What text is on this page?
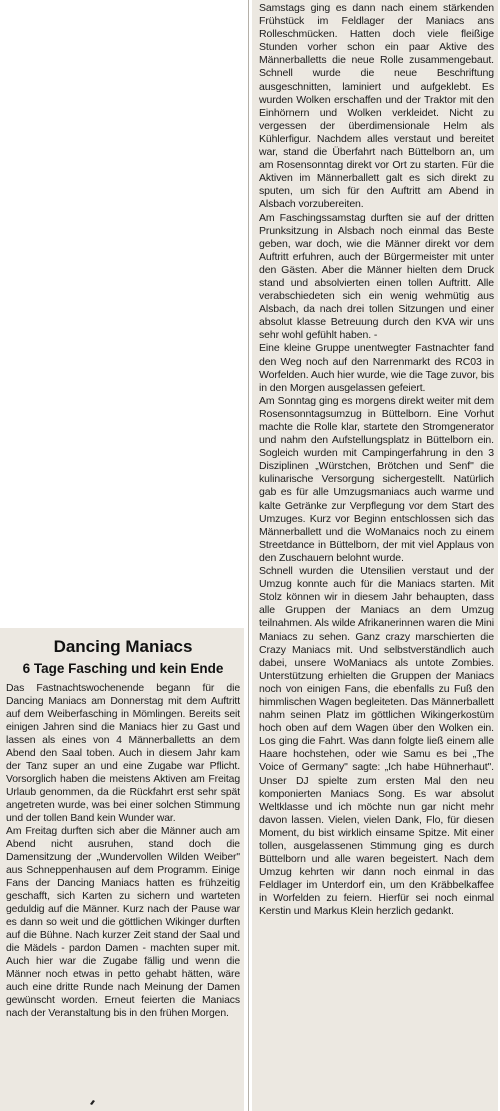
Dancing Maniacs
6 Tage Fasching und kein Ende

Das Fastnachtswochenende begann für die Dancing Maniacs am Donnerstag mit dem Auftritt auf dem Weiberfasching in Mömlingen. Bereits seit einigen Jahren sind die Maniacs hier zu Gast und lassen als eines von 4 Männerballetts an dem Abend den Saal toben. Auch in diesem Jahr kam der Tanz super an und eine Zugabe war Pflicht. Vorsorglich haben die meistens Aktiven am Freitag Urlaub genommen, da die Rückfahrt erst sehr spät angetreten wurde, was bei einer solchen Stimmung und der tollen Band kein Wunder war.

Am Freitag durften sich aber die Männer auch am Abend nicht ausruhen, stand doch die Damensitzung der „Wundervollen Wilden Weiber" aus Schneppenhausen auf dem Programm. Einige Fans der Dancing Maniacs hatten es frühzeitig geschafft, sich Karten zu sichern und warteten geduldig auf die Männer. Kurz nach der Pause war es dann so weit und die göttlichen Wikinger durften auf die Bühne. Nach kurzer Zeit stand der Saal und die Mädels - pardon Damen - machten super mit. Auch hier war die Zugabe fällig und wenn die Männer noch etwas in petto gehabt hätten, wäre auch eine dritte Runde nach Meinung der Damen gewünscht worden. Erneut feierten die Maniacs nach der Veranstaltung bis in den frühen Morgen.

Samstags ging es dann nach einem stärkenden Frühstück im Feldlager der Maniacs ans Rolleschmücken. Hatten doch viele fleißige Stunden vorher schon ein paar Aktive des Männerballetts die neue Rolle zusammengebaut. Schnell wurde die neue Beschriftung ausgeschnitten, laminiert und aufgeklebt. Es wurden Wolken erschaffen und der Traktor mit den Einhörnern und Wolken verkleidet. Nicht zu vergessen der überdimensionale Helm als Kühlerfigur. Nachdem alles verstaut und bereitet war, stand die Überfahrt nach Büttelborn an, um am Rosensonntag direkt vor Ort zu starten. Für die Aktiven im Männerballett galt es sich direkt zu sputen, um sich für den Auftritt am Abend in Alsbach vorzubereiten.

Am Faschingssamstag durften sie auf der dritten Prunksitzung in Alsbach noch einmal das Beste geben, war doch, wie die Männer direkt vor dem Auftritt erfuhren, auch der Bürgermeister mit unter den Gästen. Aber die Männer hielten dem Druck stand und absolvierten einen tollen Auftritt. Alle verabschiedeten sich ein wenig wehmütig aus Alsbach, da nach drei tollen Sitzungen und einer absolut klasse Betreuung durch den KVA wir uns sehr wohl gefühlt haben. -

Eine kleine Gruppe unentwegter Fastnachter fand den Weg noch auf den Narrenmarkt des RC03 in Worfelden. Auch hier wurde, wie die Tage zuvor, bis in den Morgen ausgelassen gefeiert.

Am Sonntag ging es morgens direkt weiter mit dem Rosensonntagsumzug in Büttelborn. Eine Vorhut machte die Rolle klar, startete den Stromgenerator und nahm den Aufstellungsplatz in Büttelborn ein. Sogleich wurden mit Campingerfahrung in den 3 Disziplinen „Würstchen, Brötchen und Senf" die kulinarische Versorgung sichergestellt. Natürlich gab es für alle Umzugsmaniacs auch warme und kalte Getränke zur Verpflegung vor dem Start des Umzuges. Kurz vor Beginn entschlossen sich das Männerballett und die WoManaics noch zu einem Streetdance in Büttelborn, der mit viel Applaus von den Zuschauern belohnt wurde.

Schnell wurden die Utensilien verstaut und der Umzug konnte auch für die Maniacs starten. Mit Stolz können wir in diesem Jahr behaupten, dass alle Gruppen der Maniacs an dem Umzug teilnahmen. Als wilde Afrikanerinnen waren die Mini Maniacs zu sehen. Ganz crazy marschierten die Crazy Maniacs mit. Und selbstverständlich auch dabei, unsere WoManiacs als untote Zombies. Unterstützung erhielten die Gruppen der Maniacs noch von einigen Fans, die ebenfalls zu Fuß den himmlischen Wagen begleiteten. Das Männerballett nahm seinen Platz im göttlichen Wikingerkostüm hoch oben auf dem Wagen über den Wolken ein. Los ging die Fahrt. Was dann folgte ließ einem alle Haare hochstehen, oder wie Samu es bei „The Voice of Germany" sagte: „Ich habe Hühnerhaut". Unser DJ spielte zum ersten Mal den neu komponierten Maniacs Song. Es war absolut Weltklasse und ich möchte nun gar nicht mehr davon lassen. Vielen, vielen Dank, Flo, für diesen Moment, du bist wirklich einsame Spitze. Mit einer tollen, ausgelassenen Stimmung ging es durch Büttelborn und alle waren begeistert. Nach dem Umzug kehrten wir dann noch einmal in das Feldlager im Unterdorf ein, um den Kräbbelkaffee in Worfelden zu feiern. Hierfür sei noch einmal Kerstin und Markus Klein herzlich gedankt.
